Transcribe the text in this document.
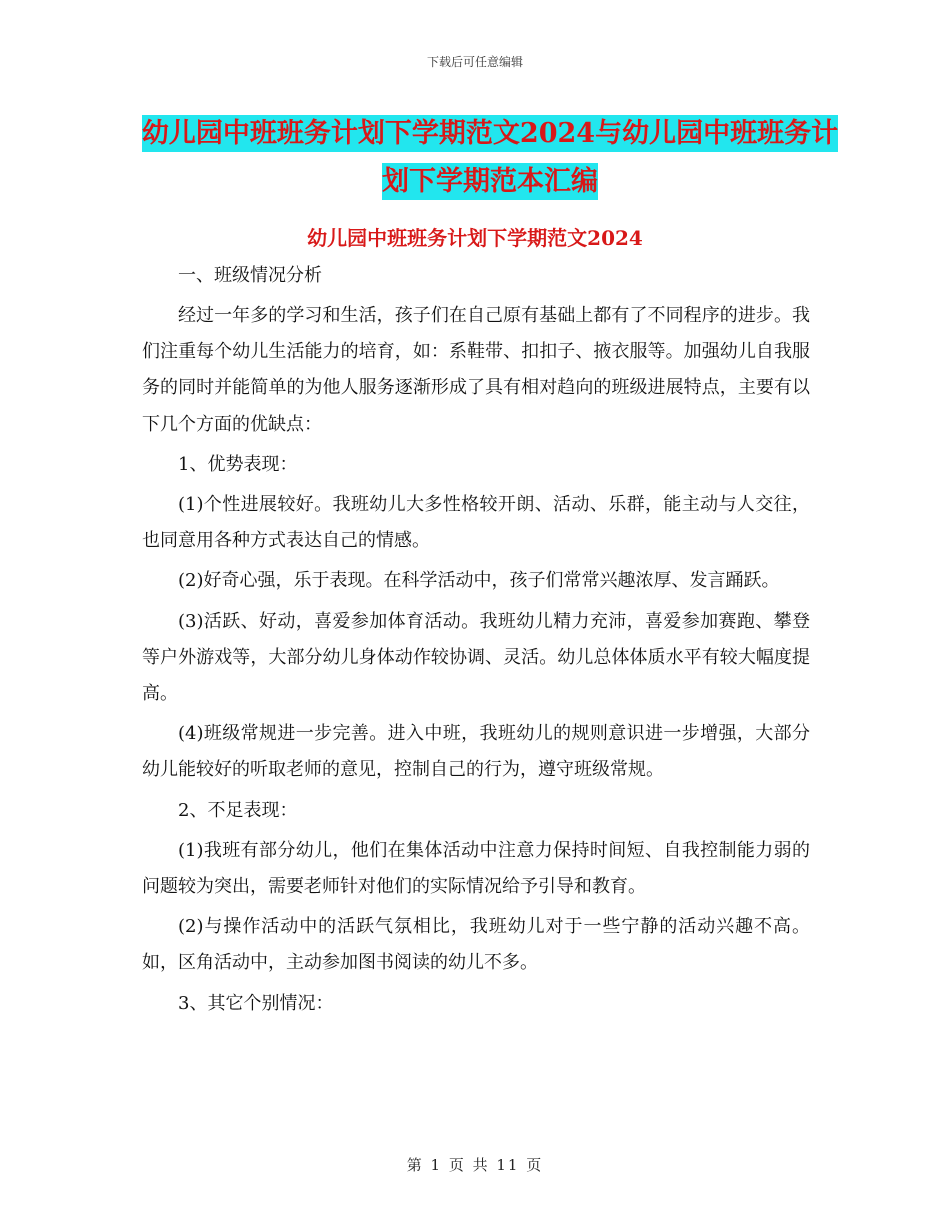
下载后可任意编辑
幼儿园中班班务计划下学期范文2024与幼儿园中班班务计划下学期范本汇编
幼儿园中班班务计划下学期范文2024

一、班级情况分析

经过一年多的学习和生活，孩子们在自己原有基础上都有了不同程序的进步。我们注重每个幼儿生活能力的培育，如：系鞋带、扣扣子、掖衣服等。加强幼儿自我服务的同时并能简单的为他人服务逐渐形成了具有相对趋向的班级进展特点，主要有以下几个方面的优缺点：

1、优势表现：

(1)个性进展较好。我班幼儿大多性格较开朗、活动、乐群，能主动与人交往，也同意用各种方式表达自己的情感。

(2)好奇心强，乐于表现。在科学活动中，孩子们常常兴趣浓厚、发言踊跃。

(3)活跃、好动，喜爱参加体育活动。我班幼儿精力充沛，喜爱参加赛跑、攀登等户外游戏等，大部分幼儿身体动作较协调、灵活。幼儿总体体质水平有较大幅度提高。

(4)班级常规进一步完善。进入中班，我班幼儿的规则意识进一步增强，大部分幼儿能较好的听取老师的意见，控制自己的行为，遵守班级常规。

2、不足表现：

(1)我班有部分幼儿，他们在集体活动中注意力保持时间短、自我控制能力弱的问题较为突出，需要老师针对他们的实际情况给予引导和教育。

(2)与操作活动中的活跃气氛相比，我班幼儿对于一些宁静的活动兴趣不高。如，区角活动中，主动参加图书阅读的幼儿不多。

3、其它个别情况：

第 1 页 共 11 页
